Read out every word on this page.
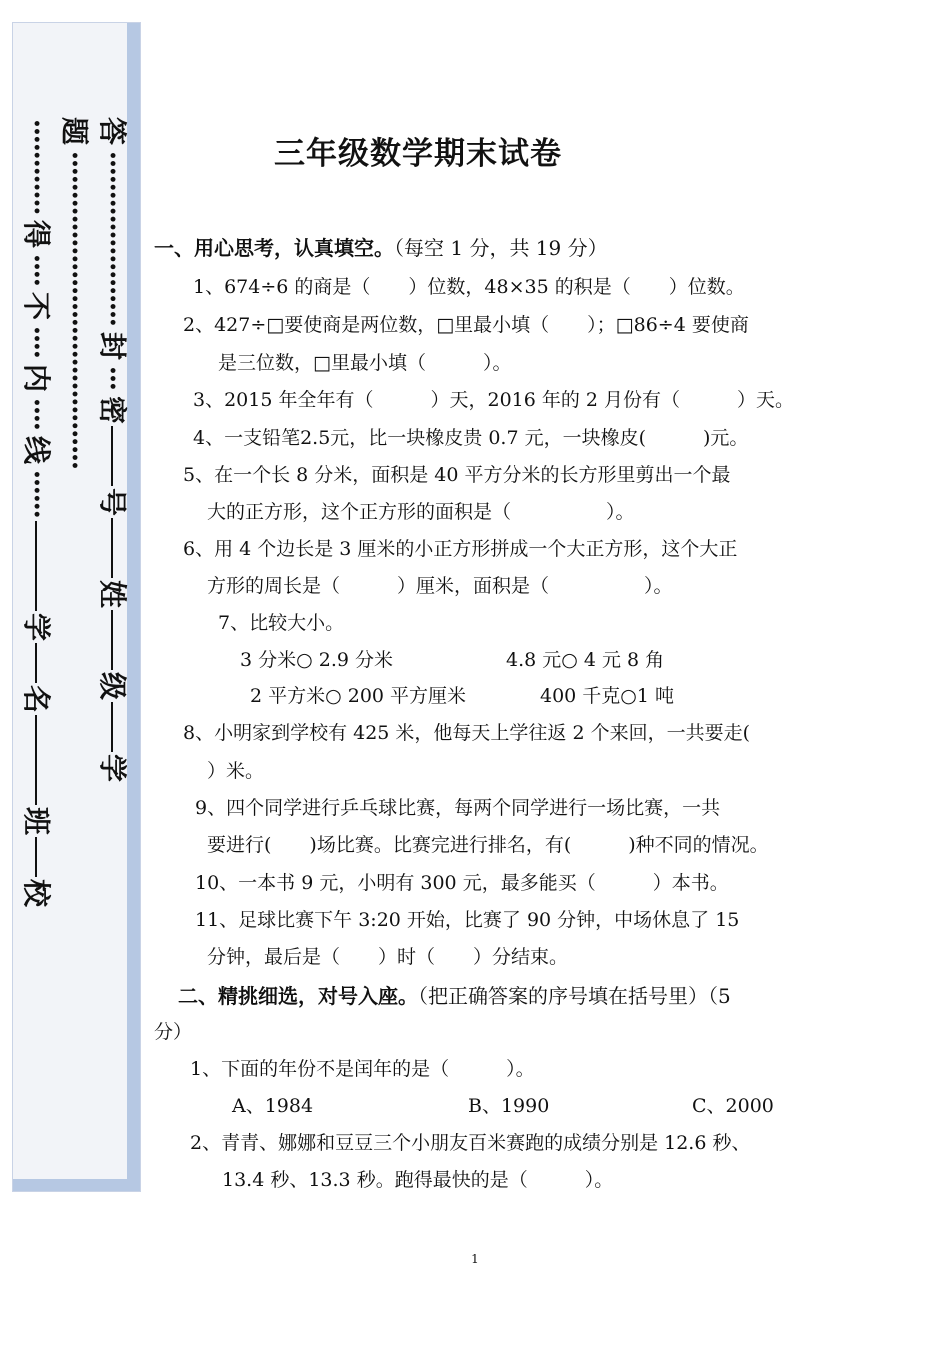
••••••••••••
得
••••
不
••••
内
••••
线
••••••
学
名
班
校
题
••••••••••••••••••••••••••••••••••••••••
答
••••••••••••••••••••••
封
•••
密
号
姓
级
学
三年级数学期末试卷
一、用心思考，认真填空。（每空 1 分，共 19 分）
1、674÷6 的商是（　　）位数，48×35 的积是（　　）位数。
2、427÷□要使商是两位数，□里最小填（　　）；□86÷4 要使商
是三位数，□里最小填（　　　）。
3、2015 年全年有（　　　）天，2016 年的 2 月份有（　　　）天。
4、一支铅笔2.5元，比一块橡皮贵 0.7 元，一块橡皮(　　　)元。
5、在一个长 8 分米，面积是 40 平方分米的长方形里剪出一个最
大的正方形，这个正方形的面积是（　　　　　）。
6、用 4 个边长是 3 厘米的小正方形拼成一个大正方形，这个大正
方形的周长是（　　　）厘米，面积是（　　　　　）。
7、比较大小。
3 分米○ 2.9 分米	4.8 元○ 4 元 8 角
2 平方米○ 200 平方厘米	400 千克○1 吨
8、小明家到学校有 425 米，他每天上学往返 2 个来回，一共要走(
）米。
9、四个同学进行乒乓球比赛，每两个同学进行一场比赛，一共
要进行(　　)场比赛。比赛完进行排名，有(　　　)种不同的情况。
10、一本书 9 元，小明有 300 元，最多能买（　　　）本书。
11、足球比赛下午 3:20 开始，比赛了 90 分钟，中场休息了 15
分钟，最后是（　　）时（　　）分结束。
二、精挑细选，对号入座。（把正确答案的序号填在括号里）（5
分）
1、下面的年份不是闰年的是（　　　）。
A、1984	B、1990	C、2000
2、青青、娜娜和豆豆三个小朋友百米赛跑的成绩分别是 12.6 秒、
13.4 秒、13.3 秒。跑得最快的是（　　　）。
1
